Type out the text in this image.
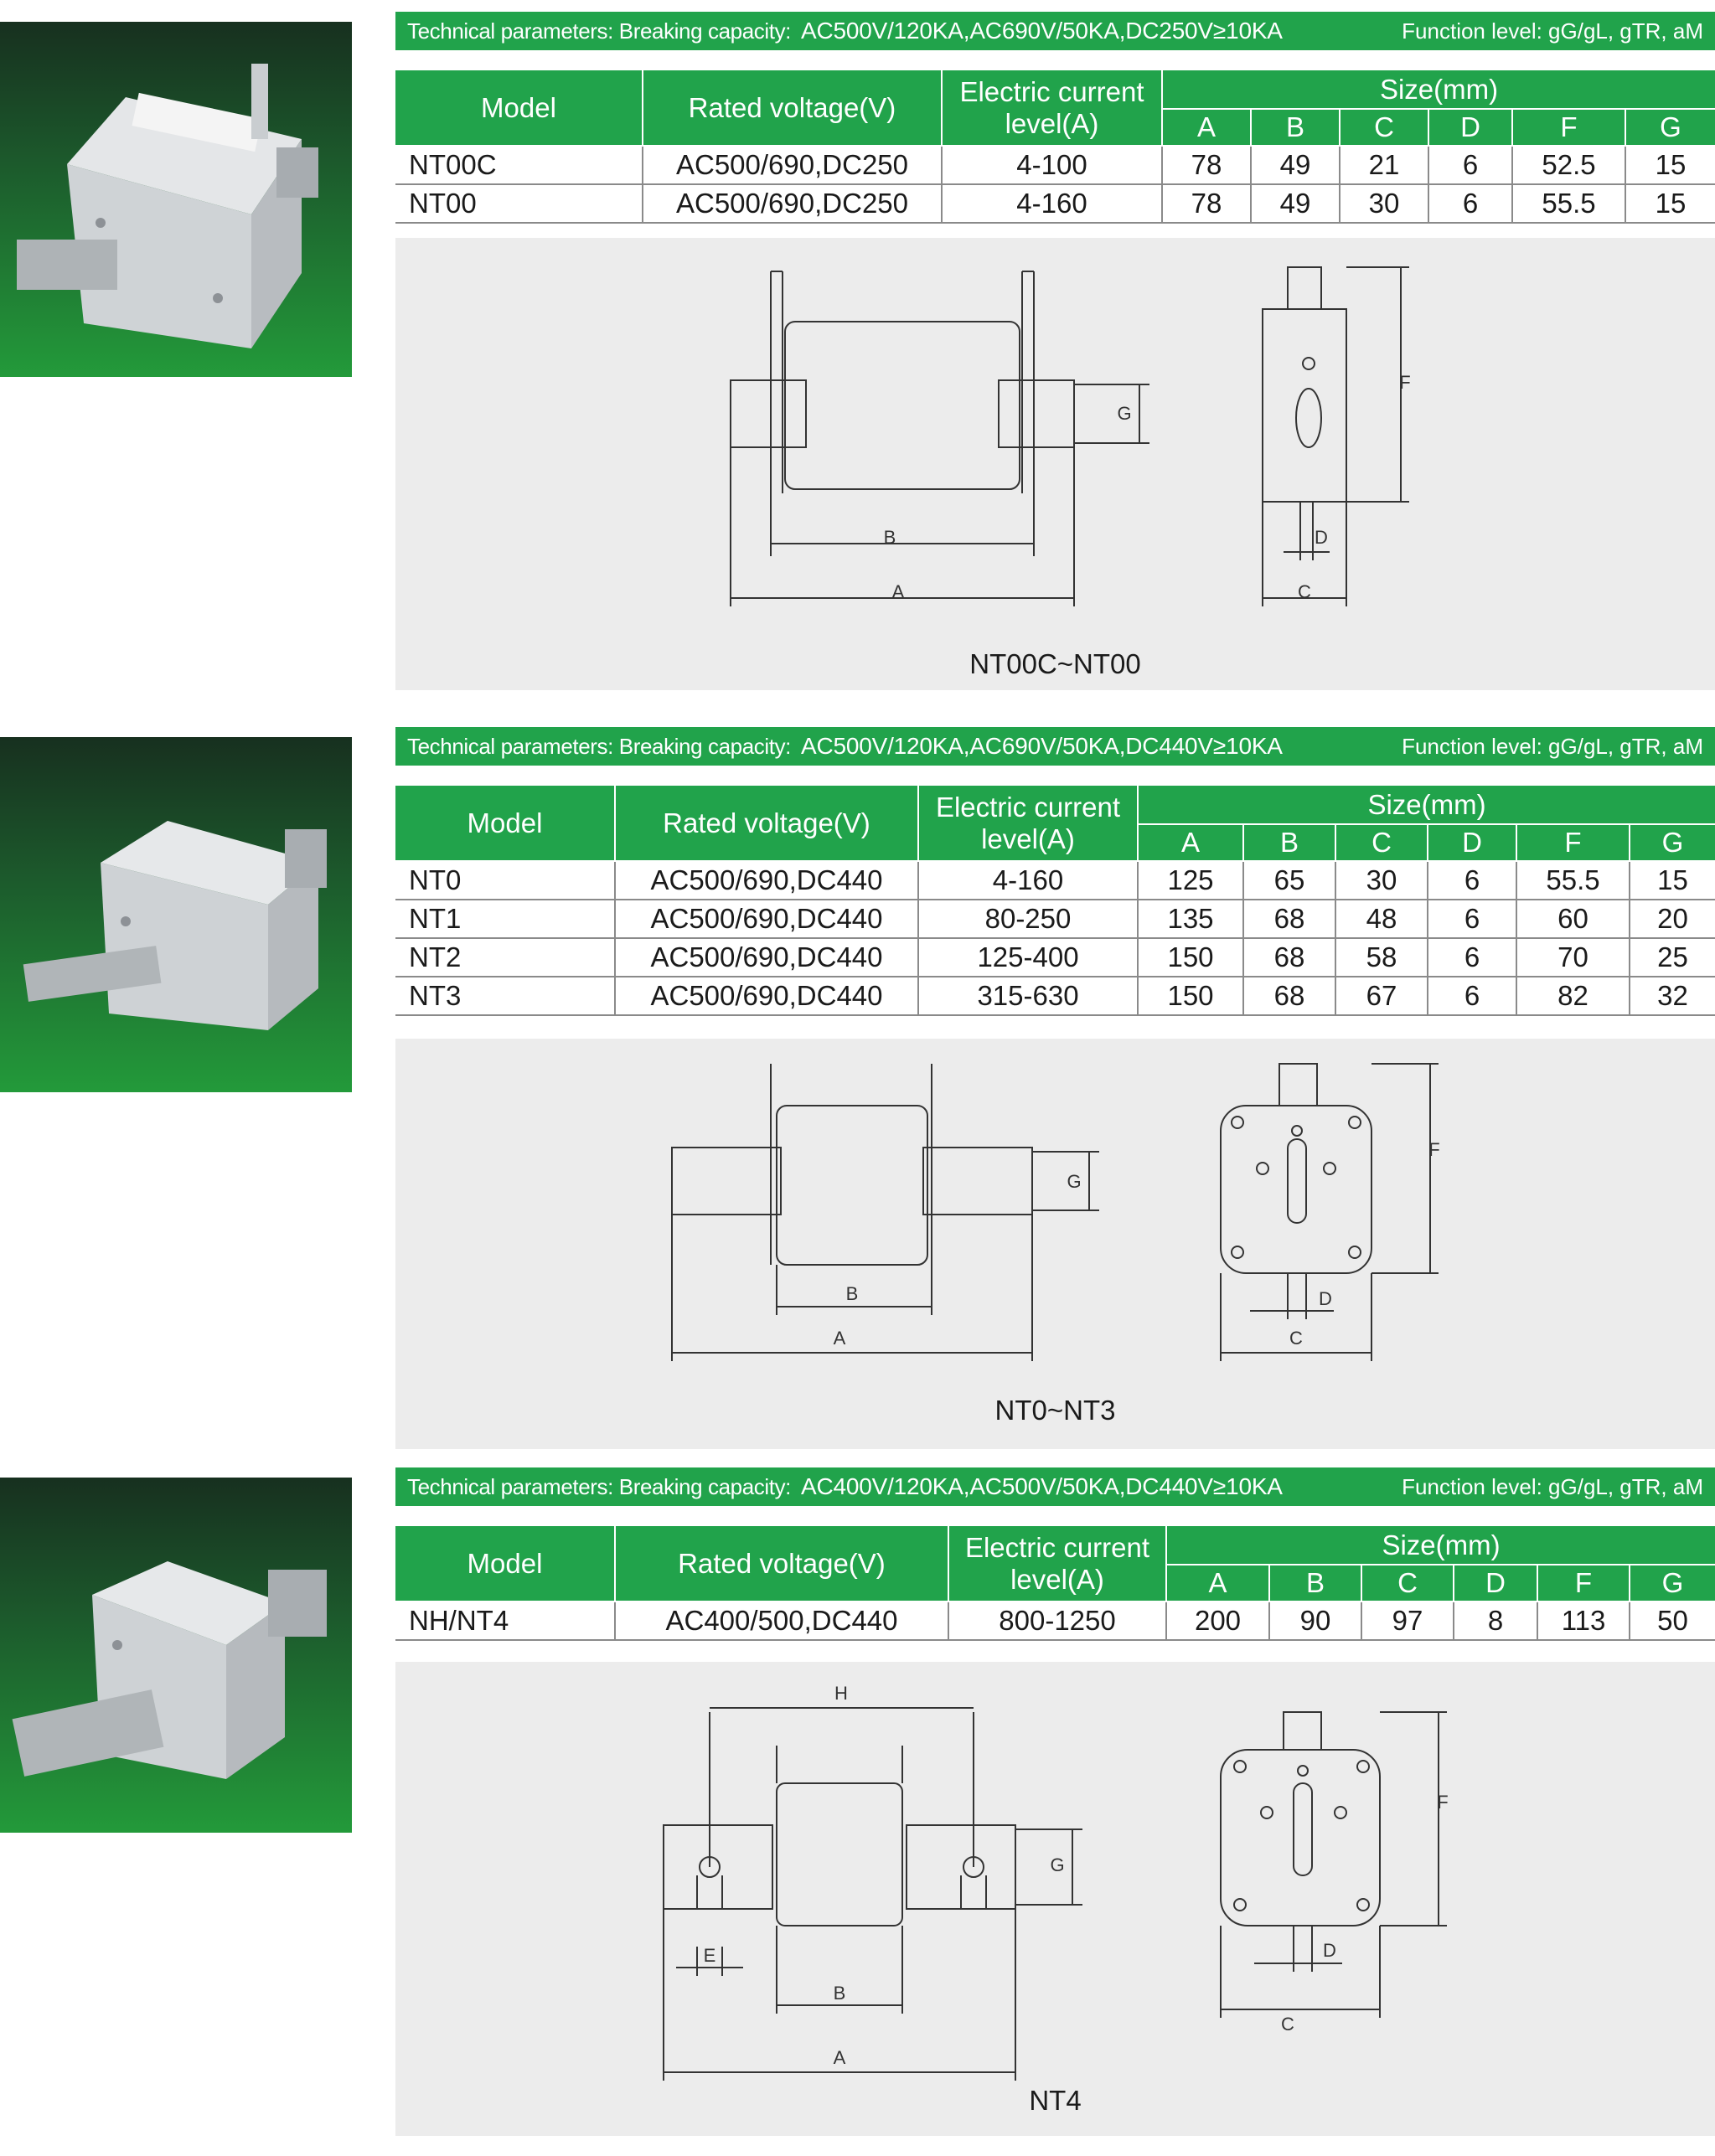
Technical parameters: Breaking capacity: AC500V/120KA,AC690V/50KA,DC250V≥10KA	Function level: gG/gL, gTR, aM
Model	Rated voltage(V)	Electric current level(A)	Size(mm)					
			A	B	C	D	F	G
NT00C	AC500/690,DC250	4-100	78	49	21	6	52.5	15
NT00	AC500/690,DC250	4-160	78	49	30	6	55.5	15
A
B
G
F
C
D
NT00C~NT00
Technical parameters: Breaking capacity: AC500V/120KA,AC690V/50KA,DC440V≥10KA	Function level: gG/gL, gTR, aM
Model	Rated voltage(V)	Electric current level(A)	Size(mm)					
			A	B	C	D	F	G
NT0	AC500/690,DC440	4-160	125	65	30	6	55.5	15
NT1	AC500/690,DC440	80-250	135	68	48	6	60	20
NT2	AC500/690,DC440	125-400	150	68	58	6	70	25
NT3	AC500/690,DC440	315-630	150	68	67	6	82	32
A
B
G
F
C
D
NT0~NT3
Technical parameters: Breaking capacity: AC400V/120KA,AC500V/50KA,DC440V≥10KA	Function level: gG/gL, gTR, aM
Model	Rated voltage(V)	Electric current level(A)	Size(mm)					
			A	B	C	D	F	G
NH/NT4	AC400/500,DC440	800-1250	200	90	97	8	113	50
A
B
G
F
C
D
H
E
NT4
